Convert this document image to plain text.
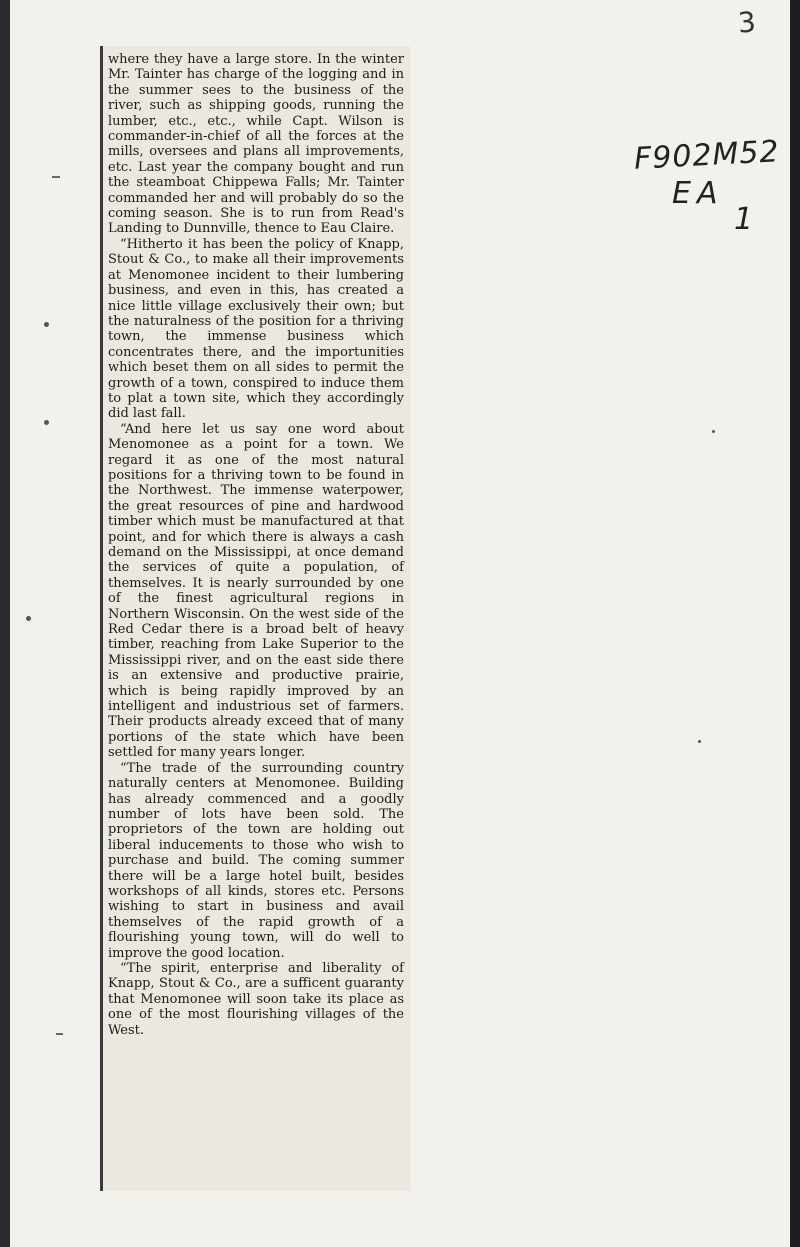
3
F902M52
EA
1

where they have a large store. In the winter Mr. Tainter has charge of the logging and in the summer sees to the business of the river, such as shipping goods, running the lumber, etc., etc., while Capt. Wilson is commander-in-chief of all the forces at the mills, oversees and plans all improvements, etc. Last year the company bought and run the steamboat Chippewa Falls; Mr. Tainter commanded her and will probably do so the coming season. She is to run from Read's Landing to Dunnville, thence to Eau Claire.

“Hitherto it has been the policy of Knapp, Stout & Co., to make all their improvements at Menomonee incident to their lumbering business, and even in this, has created a nice little village exclusively their own; but the naturalness of the position for a thriving town, the immense business which concentrates there, and the importunities which beset them on all sides to permit the growth of a town, conspired to induce them to plat a town site, which they accordingly did last fall.

“And here let us say one word about Menomonee as a point for a town. We regard it as one of the most natural positions for a thriving town to be found in the Northwest. The immense waterpower, the great resources of pine and hardwood timber which must be manufactured at that point, and for which there is always a cash demand on the Mississippi, at once demand the services of quite a population, of themselves. It is nearly surrounded by one of the finest agricultural regions in Northern Wisconsin. On the west side of the Red Cedar there is a broad belt of heavy timber, reaching from Lake Superior to the Mississippi river, and on the east side there is an extensive and productive prairie, which is being rapidly improved by an intelligent and industrious set of farmers. Their products already exceed that of many portions of the state which have been settled for many years longer.

“The trade of the surrounding country naturally centers at Menomonee. Building has already commenced and a goodly number of lots have been sold. The proprietors of the town are holding out liberal inducements to those who wish to purchase and build. The coming summer there will be a large hotel built, besides workshops of all kinds, stores etc. Persons wishing to start in business and avail themselves of the rapid growth of a flourishing young town, will do well to improve the good location.

“The spirit, enterprise and liberality of Knapp, Stout & Co., are a sufficent guaranty that Menomonee will soon take its place as one of the most flourishing villages of the West.
